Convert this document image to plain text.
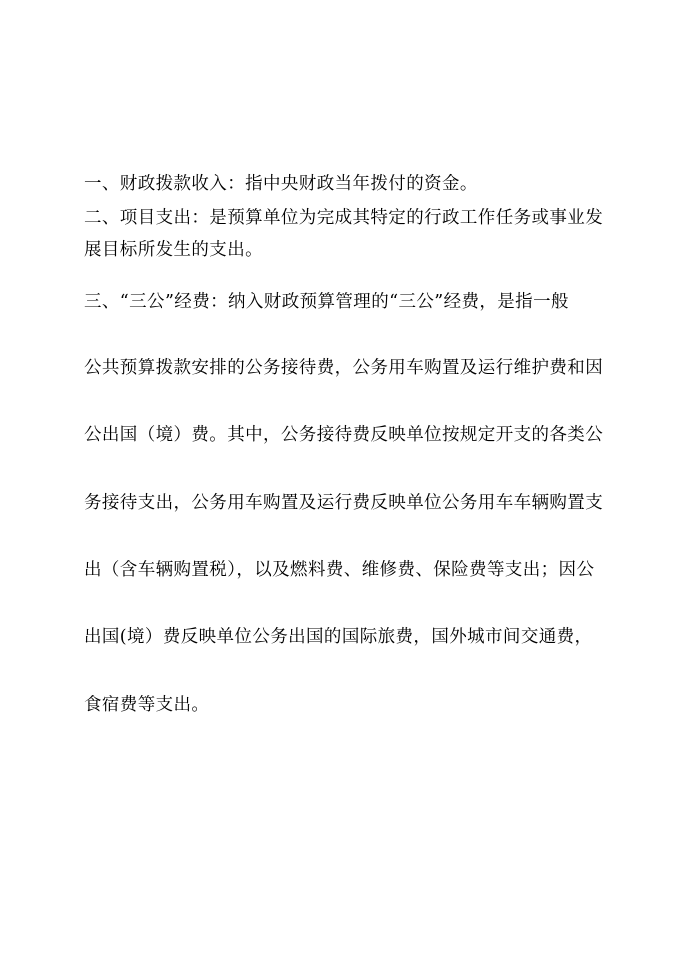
一、财政拨款收入：指中央财政当年拨付的资金。
二、项目支出：是预算单位为完成其特定的行政工作任务或事业发
展目标所发生的支出。
三、“三公”经费：纳入财政预算管理的“三公”经费，是指一般
公共预算拨款安排的公务接待费，公务用车购置及运行维护费和因
公出国（境）费。其中，公务接待费反映单位按规定开支的各类公
务接待支出，公务用车购置及运行费反映单位公务用车车辆购置支
出（含车辆购置税），以及燃料费、维修费、保险费等支出；因公
出国(境）费反映单位公务出国的国际旅费，国外城市间交通费，
食宿费等支出。
